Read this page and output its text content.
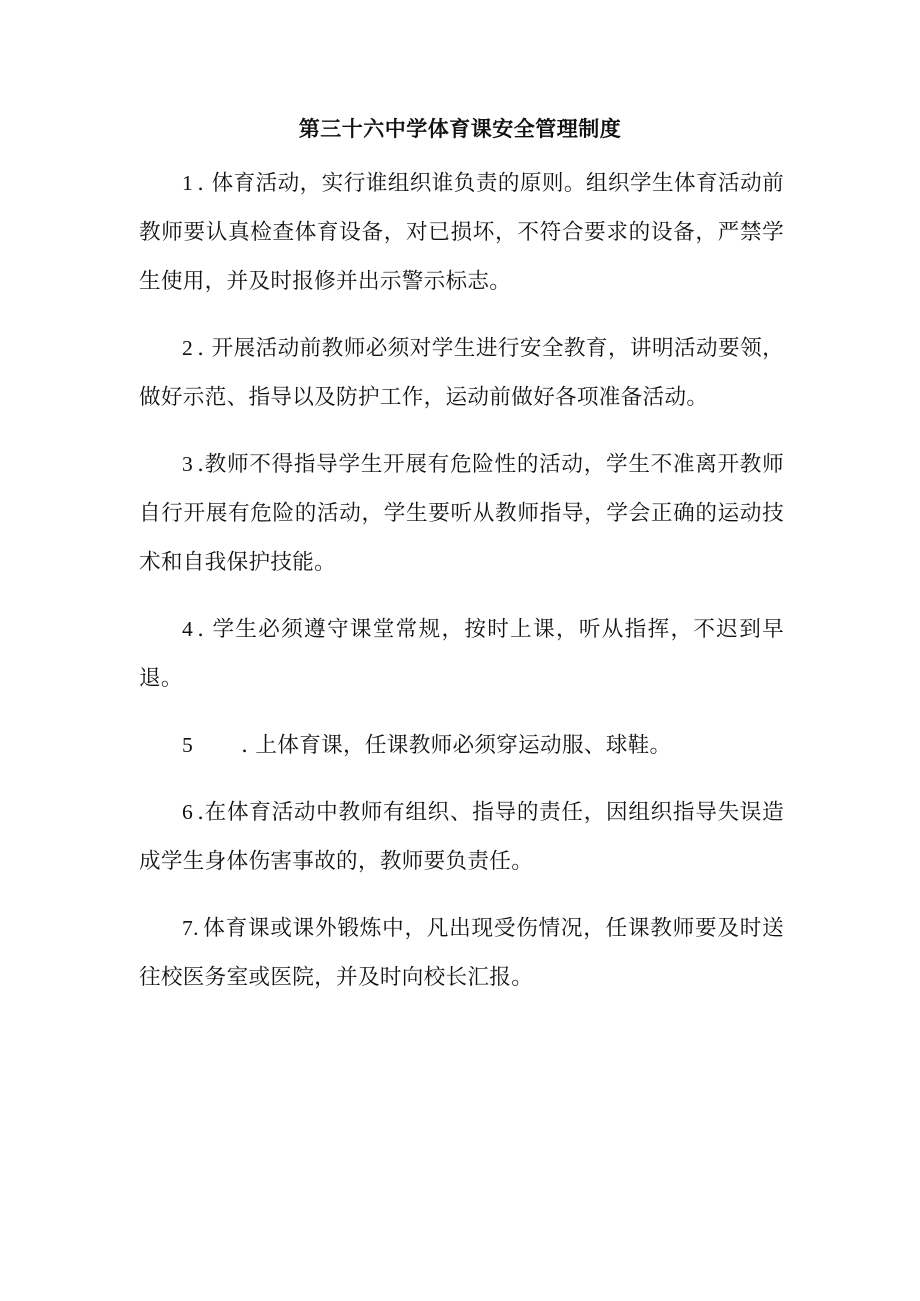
第三十六中学体育课安全管理制度

1 . 体育活动，实行谁组织谁负责的原则。组织学生体育活动前教师要认真检查体育设备，对已损坏，不符合要求的设备，严禁学生使用，并及时报修并出示警示标志。

2 . 开展活动前教师必须对学生进行安全教育，讲明活动要领，做好示范、指导以及防护工作，运动前做好各项准备活动。

3 .教师不得指导学生开展有危险性的活动，学生不准离开教师自行开展有危险的活动，学生要听从教师指导，学会正确的运动技术和自我保护技能。

4 . 学生必须遵守课堂常规，按时上课，听从指挥，不迟到早退。

5 . 上体育课，任课教师必须穿运动服、球鞋。

6 .在体育活动中教师有组织、指导的责任，因组织指导失误造成学生身体伤害事故的，教师要负责任。

7. 体育课或课外锻炼中，凡出现受伤情况，任课教师要及时送往校医务室或医院，并及时向校长汇报。
